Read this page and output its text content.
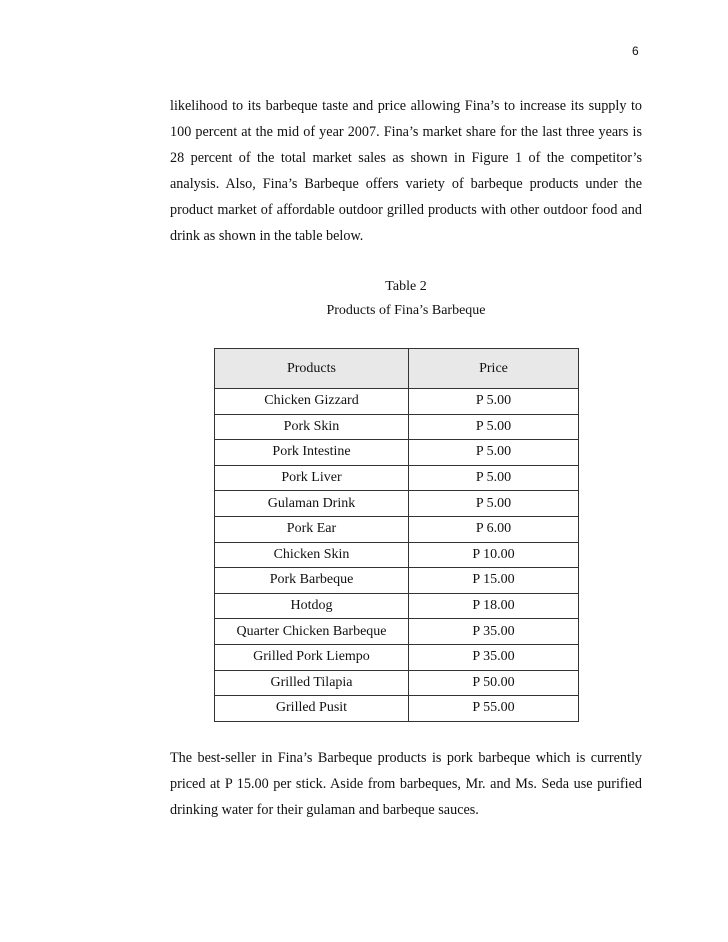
6

likelihood to its barbeque taste and price allowing Fina’s to increase its supply to 100 percent at the mid of year 2007. Fina’s market share for the last three years is 28 percent of the total market sales as shown in Figure 1 of the competitor’s analysis. Also, Fina’s Barbeque offers variety of barbeque products under the product market of affordable outdoor grilled products with other outdoor food and drink as shown in the table below.

Table 2
Products of Fina’s Barbeque
Products	Price
Chicken Gizzard	P 5.00
Pork Skin	P 5.00
Pork Intestine	P 5.00
Pork Liver	P 5.00
Gulaman Drink	P 5.00
Pork Ear	P 6.00
Chicken Skin	P 10.00
Pork Barbeque	P 15.00
Hotdog	P 18.00
Quarter Chicken Barbeque	P 35.00
Grilled Pork Liempo	P 35.00
Grilled Tilapia	P 50.00
Grilled Pusit	P 55.00

The best-seller in Fina’s Barbeque products is pork barbeque which is currently priced at P 15.00 per stick. Aside from barbeques, Mr. and Ms. Seda use purified drinking water for their gulaman and barbeque sauces.
